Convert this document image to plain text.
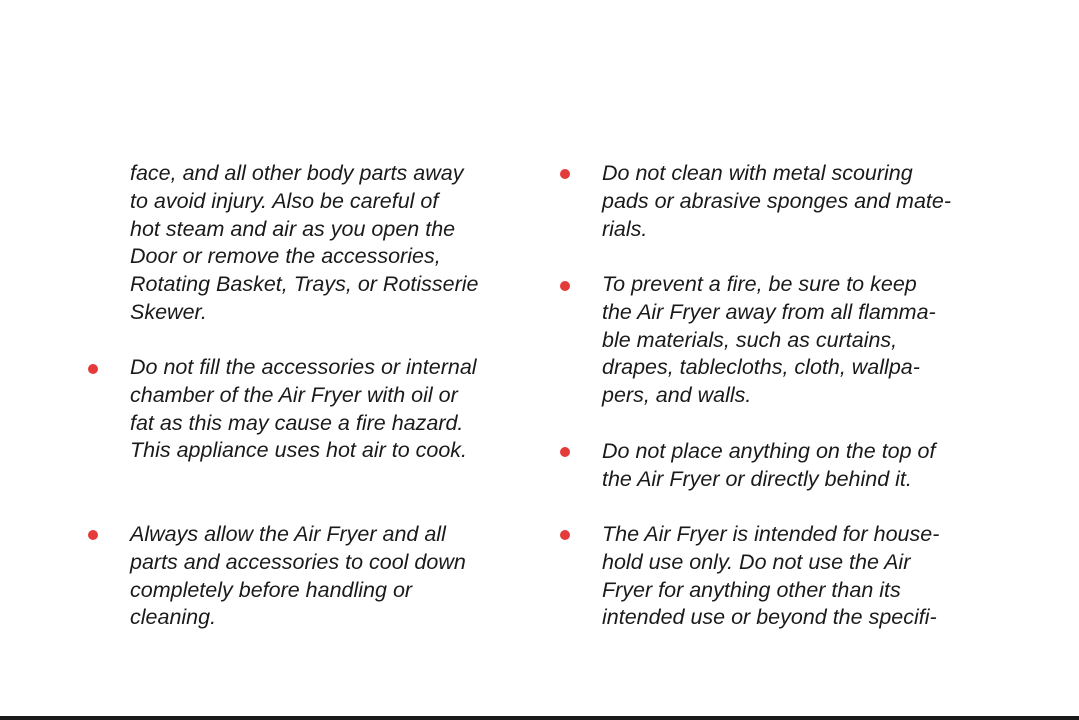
face, and all other body parts away
to avoid injury. Also be careful of
hot steam and air as you open the
Door or remove the accessories,
Rotating Basket, Trays, or Rotisserie
Skewer.
Do not fill the accessories or internal
chamber of the Air Fryer with oil or
fat as this may cause a fire hazard.
This appliance uses hot air to cook.
Always allow the Air Fryer and all
parts and accessories to cool down
completely before handling or
cleaning.
Do not clean with metal scouring
pads or abrasive sponges and mate-
rials.
To prevent a fire, be sure to keep
the Air Fryer away from all flamma-
ble materials, such as curtains,
drapes, tablecloths, cloth, wallpa-
pers, and walls.
Do not place anything on the top of
the Air Fryer or directly behind it.
The Air Fryer is intended for house-
hold use only. Do not use the Air
Fryer for anything other than its
intended use or beyond the specifi-
